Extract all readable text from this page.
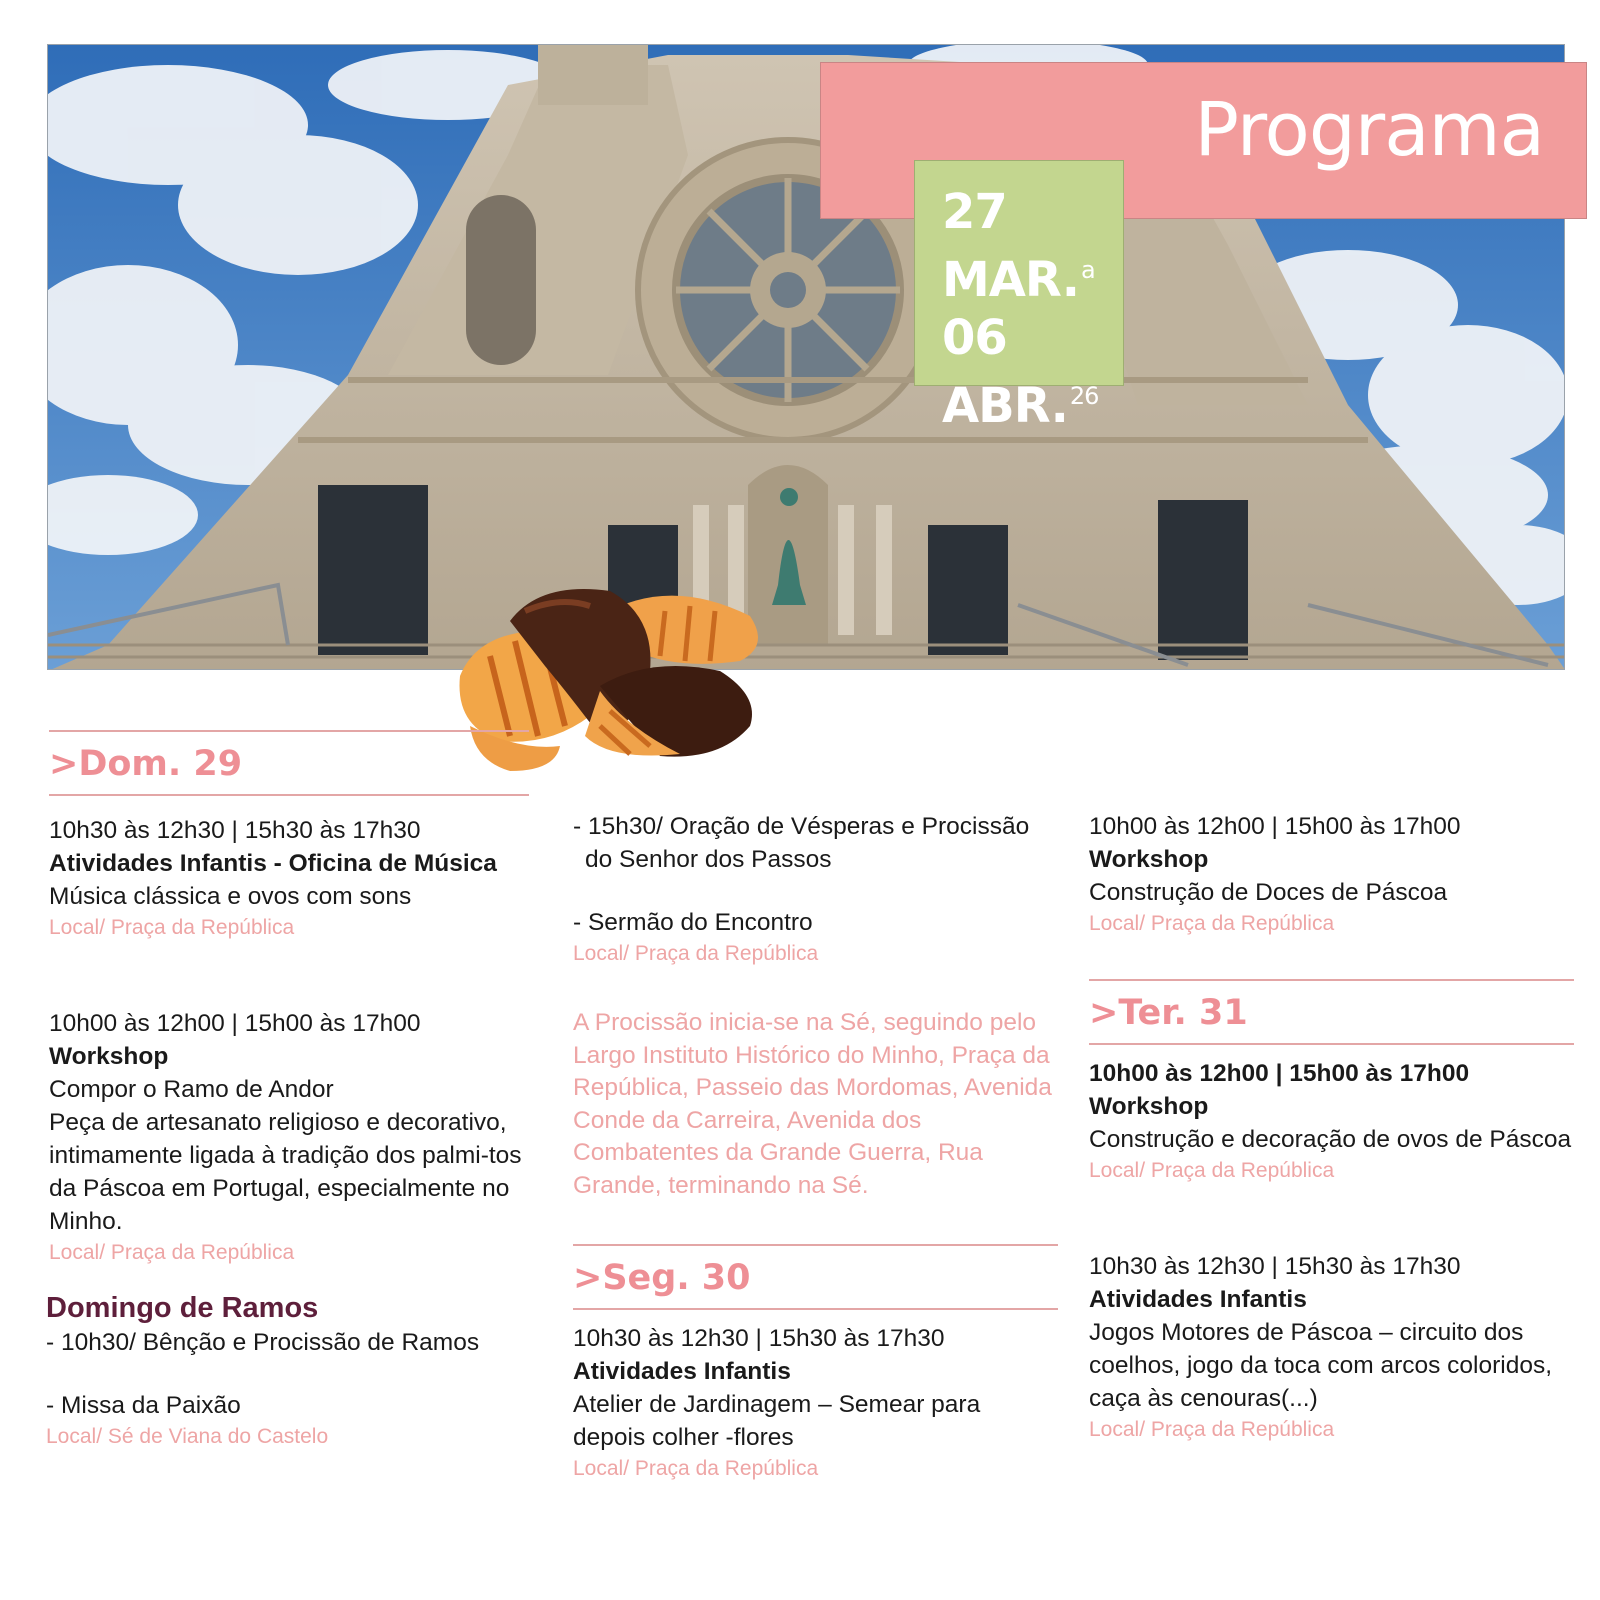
Programa
27
MAR.$^a$
06
ABR.$^{26}$
>Dom. 29
10h30 às 12h30 | 15h30 às 17h30
Atividades Infantis - Oficina de Música
Música clássica e ovos com sons
Local/ Praça da República
10h00 às 12h00 | 15h00 às 17h00
Workshop
Compor o Ramo de Andor
Peça de artesanato religioso e decorativo, intimamente ligada à tradição dos palmi-tos da Páscoa em Portugal, especialmente no Minho.
Local/ Praça da República
Domingo de Ramos
- 10h30/ Bênção e Procissão de Ramos
- Missa da Paixão
Local/ Sé de Viana do Castelo
- 15h30/ Oração de Vésperas e Procissão do Senhor dos Passos
- Sermão do Encontro
Local/ Praça da República
A Procissão inicia-se na Sé, seguindo pelo Largo Instituto Histórico do Minho, Praça da República, Passeio das Mordomas, Avenida Conde da Carreira, Avenida dos Combatentes da Grande Guerra, Rua Grande, terminando na Sé.
>Seg. 30
10h30 às 12h30 | 15h30 às 17h30
Atividades Infantis
Atelier de Jardinagem – Semear para depois colher -flores
Local/ Praça da República
10h00 às 12h00 | 15h00 às 17h00
Workshop
Construção de Doces de Páscoa
Local/ Praça da República
>Ter. 31
10h00 às 12h00 | 15h00 às 17h00
Workshop
Construção e decoração de ovos de Páscoa
Local/ Praça da República
10h30 às 12h30 | 15h30 às 17h30
Atividades Infantis
Jogos Motores de Páscoa – circuito dos coelhos, jogo da toca com arcos coloridos, caça às cenouras(...)
Local/ Praça da República
